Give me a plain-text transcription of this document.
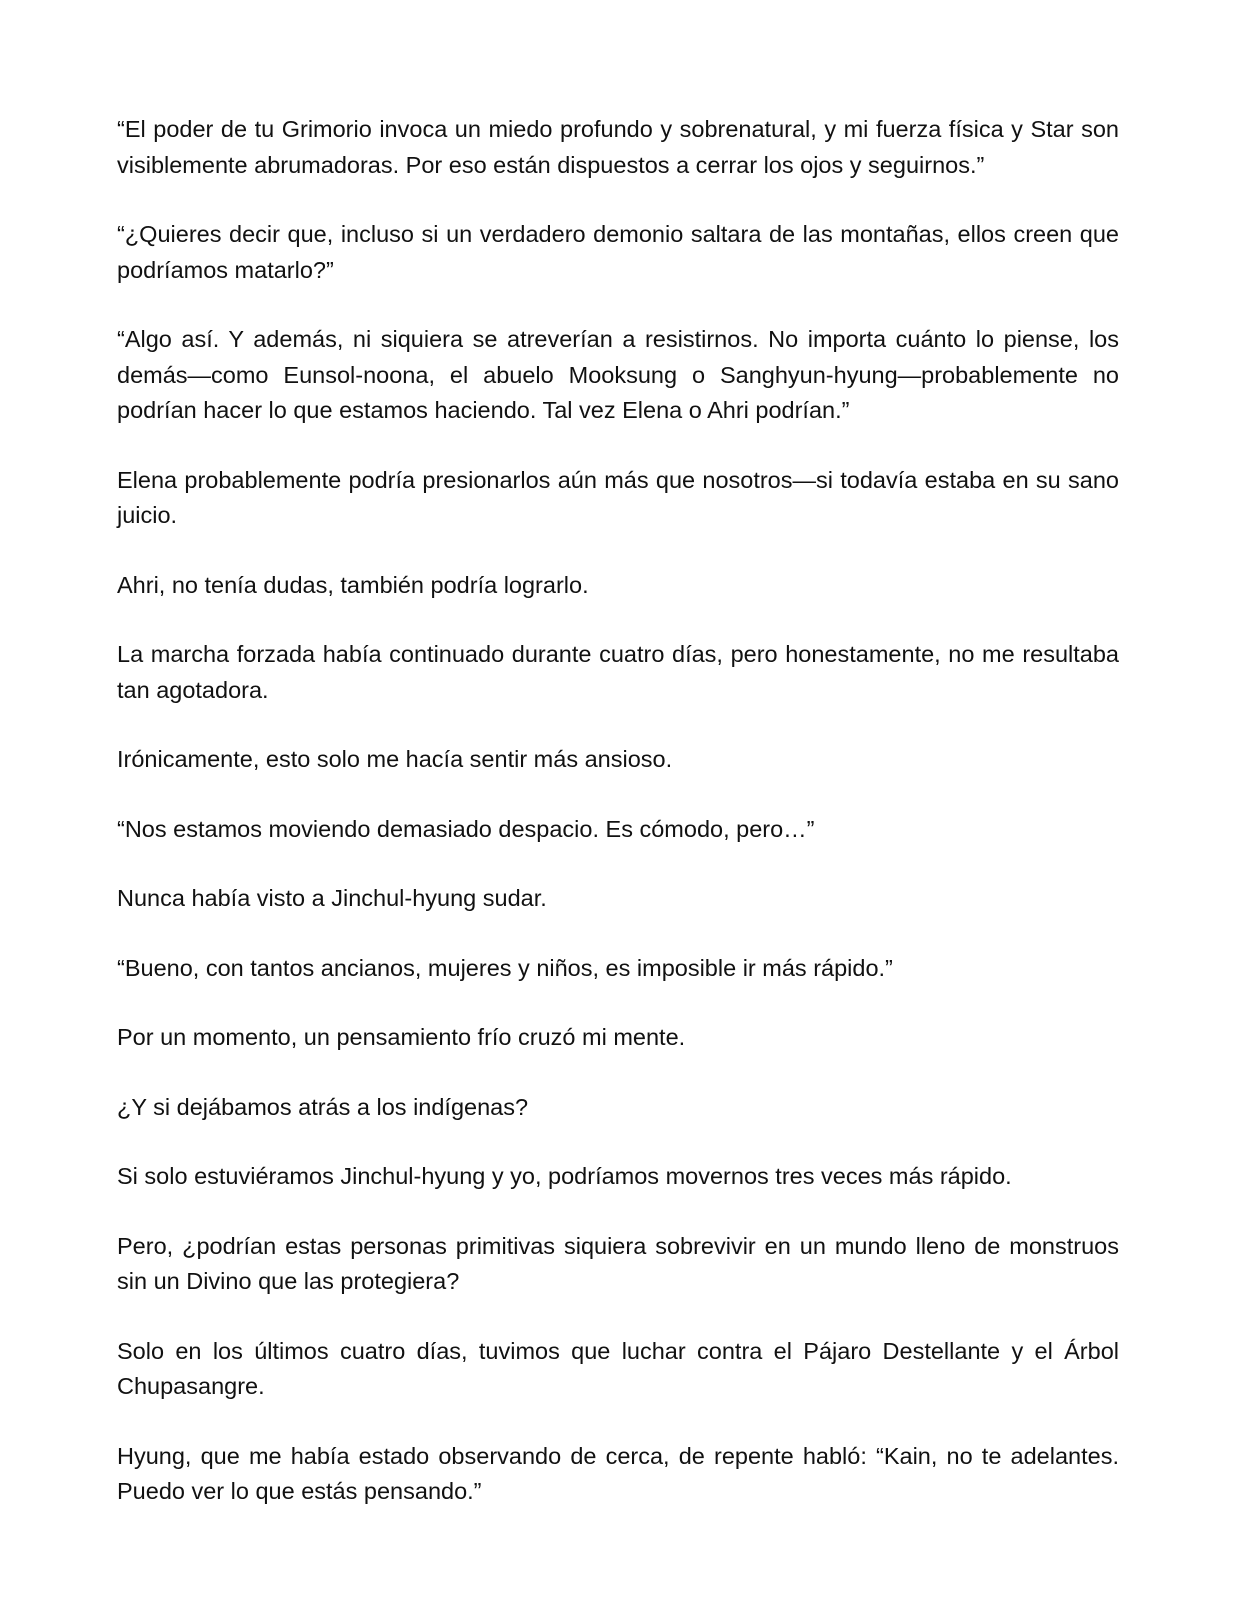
“El poder de tu Grimorio invoca un miedo profundo y sobrenatural, y mi fuerza física y Star son visiblemente abrumadoras. Por eso están dispuestos a cerrar los ojos y seguirnos.”

“¿Quieres decir que, incluso si un verdadero demonio saltara de las montañas, ellos creen que podríamos matarlo?”

“Algo así. Y además, ni siquiera se atreverían a resistirnos. No importa cuánto lo piense, los demás—como Eunsol-noona, el abuelo Mooksung o Sanghyun-hyung—probablemente no podrían hacer lo que estamos haciendo. Tal vez Elena o Ahri podrían.”

Elena probablemente podría presionarlos aún más que nosotros—si todavía estaba en su sano juicio.

Ahri, no tenía dudas, también podría lograrlo.

La marcha forzada había continuado durante cuatro días, pero honestamente, no me resultaba tan agotadora.

Irónicamente, esto solo me hacía sentir más ansioso.

“Nos estamos moviendo demasiado despacio. Es cómodo, pero…”

Nunca había visto a Jinchul-hyung sudar.

“Bueno, con tantos ancianos, mujeres y niños, es imposible ir más rápido.”

Por un momento, un pensamiento frío cruzó mi mente.

¿Y si dejábamos atrás a los indígenas?

Si solo estuviéramos Jinchul-hyung y yo, podríamos movernos tres veces más rápido.

Pero, ¿podrían estas personas primitivas siquiera sobrevivir en un mundo lleno de monstruos sin un Divino que las protegiera?

Solo en los últimos cuatro días, tuvimos que luchar contra el Pájaro Destellante y el Árbol Chupasangre.

Hyung, que me había estado observando de cerca, de repente habló: “Kain, no te adelantes. Puedo ver lo que estás pensando.”
